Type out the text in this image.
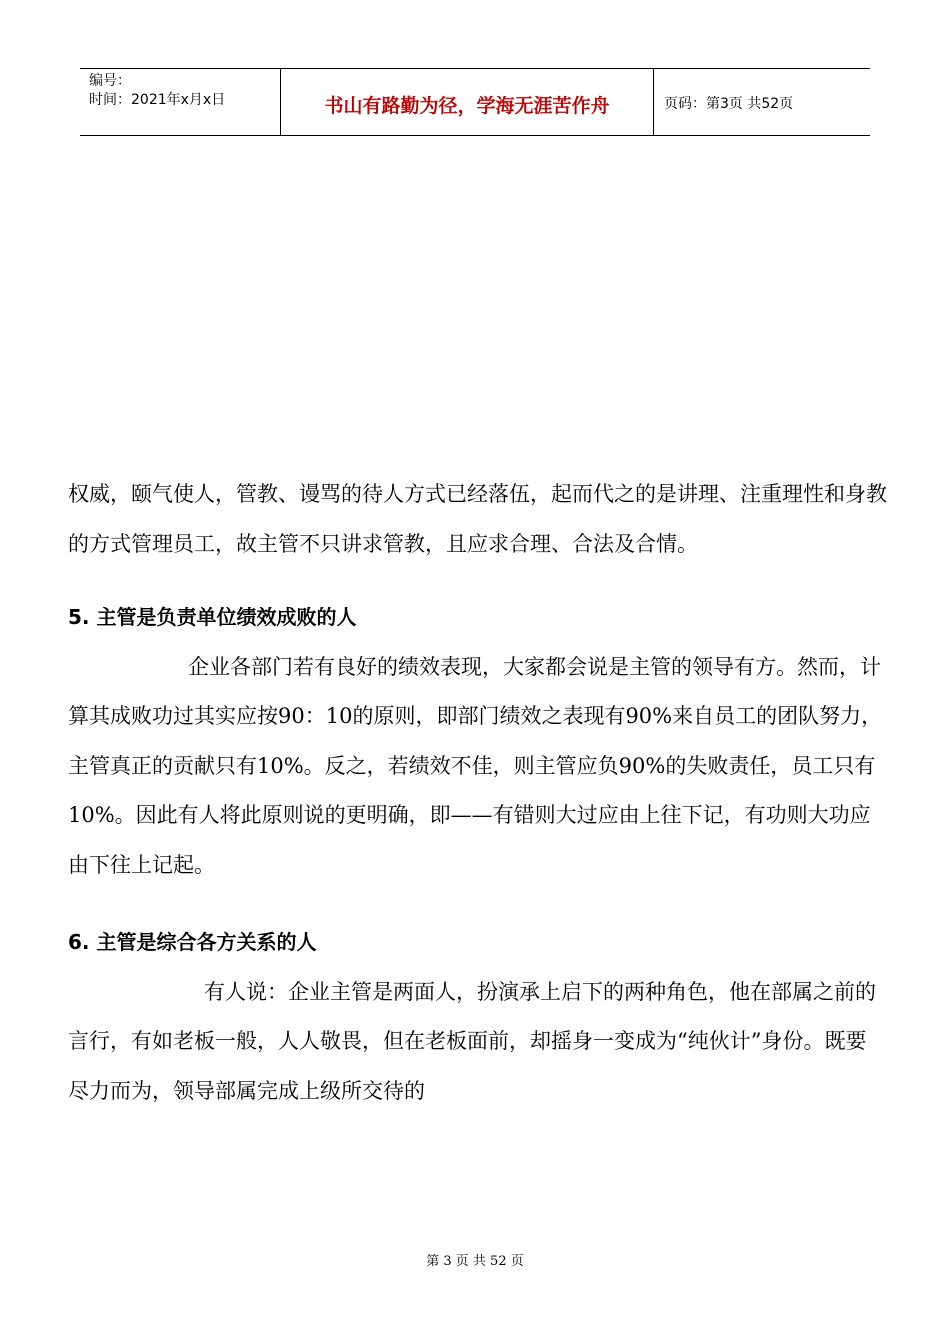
编号：
时间：2021年x月x日	书山有路勤为径，学海无涯苦作舟	页码：第3页 共52页

权威，颐气使人，管教、谩骂的待人方式已经落伍，起而代之的是讲理、注重理性和身教的方式管理员工，故主管不只讲求管教，且应求合理、合法及合情。

5. 主管是负责单位绩效成败的人

企业各部门若有良好的绩效表现，大家都会说是主管的领导有方。然而，计算其成败功过其实应按90：10的原则，即部门绩效之表现有90%来自员工的团队努力，主管真正的贡献只有10%。反之，若绩效不佳，则主管应负90%的失败责任，员工只有10%。因此有人将此原则说的更明确，即——有错则大过应由上往下记，有功则大功应由下往上记起。

6. 主管是综合各方关系的人

有人说：企业主管是两面人，扮演承上启下的两种角色，他在部属之前的言行，有如老板一般，人人敬畏，但在老板面前，却摇身一变成为“纯伙计”身份。既要尽力而为，领导部属完成上级所交待的

第 3 页 共 52 页
